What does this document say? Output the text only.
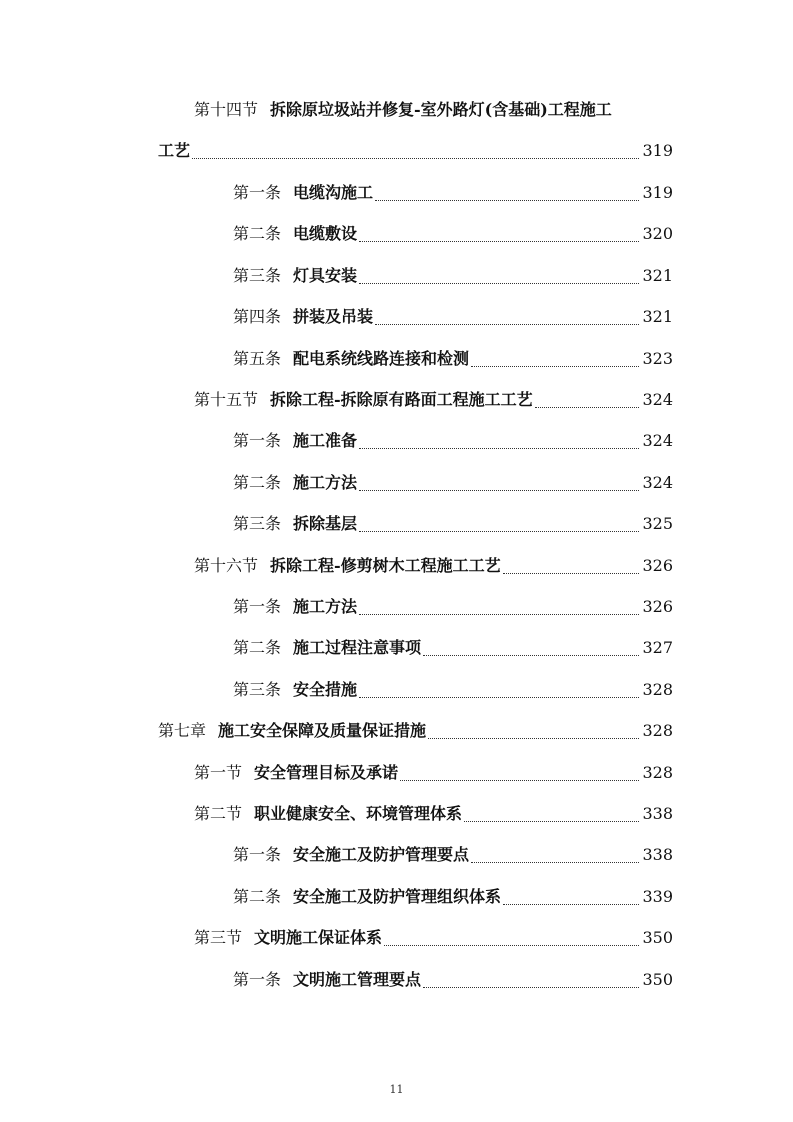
第十四节 拆除原垃圾站并修复-室外路灯(含基础)工程施工
工艺	319
第一条 电缆沟施工	319
第二条 电缆敷设	320
第三条 灯具安装	321
第四条 拼装及吊装	321
第五条 配电系统线路连接和检测	323
第十五节 拆除工程-拆除原有路面工程施工工艺	324
第一条 施工准备	324
第二条 施工方法	324
第三条 拆除基层	325
第十六节 拆除工程-修剪树木工程施工工艺	326
第一条 施工方法	326
第二条 施工过程注意事项	327
第三条 安全措施	328
第七章 施工安全保障及质量保证措施	328
第一节 安全管理目标及承诺	328
第二节 职业健康安全、环境管理体系	338
第一条 安全施工及防护管理要点	338
第二条 安全施工及防护管理组织体系	339
第三节 文明施工保证体系	350
第一条 文明施工管理要点	350
11
